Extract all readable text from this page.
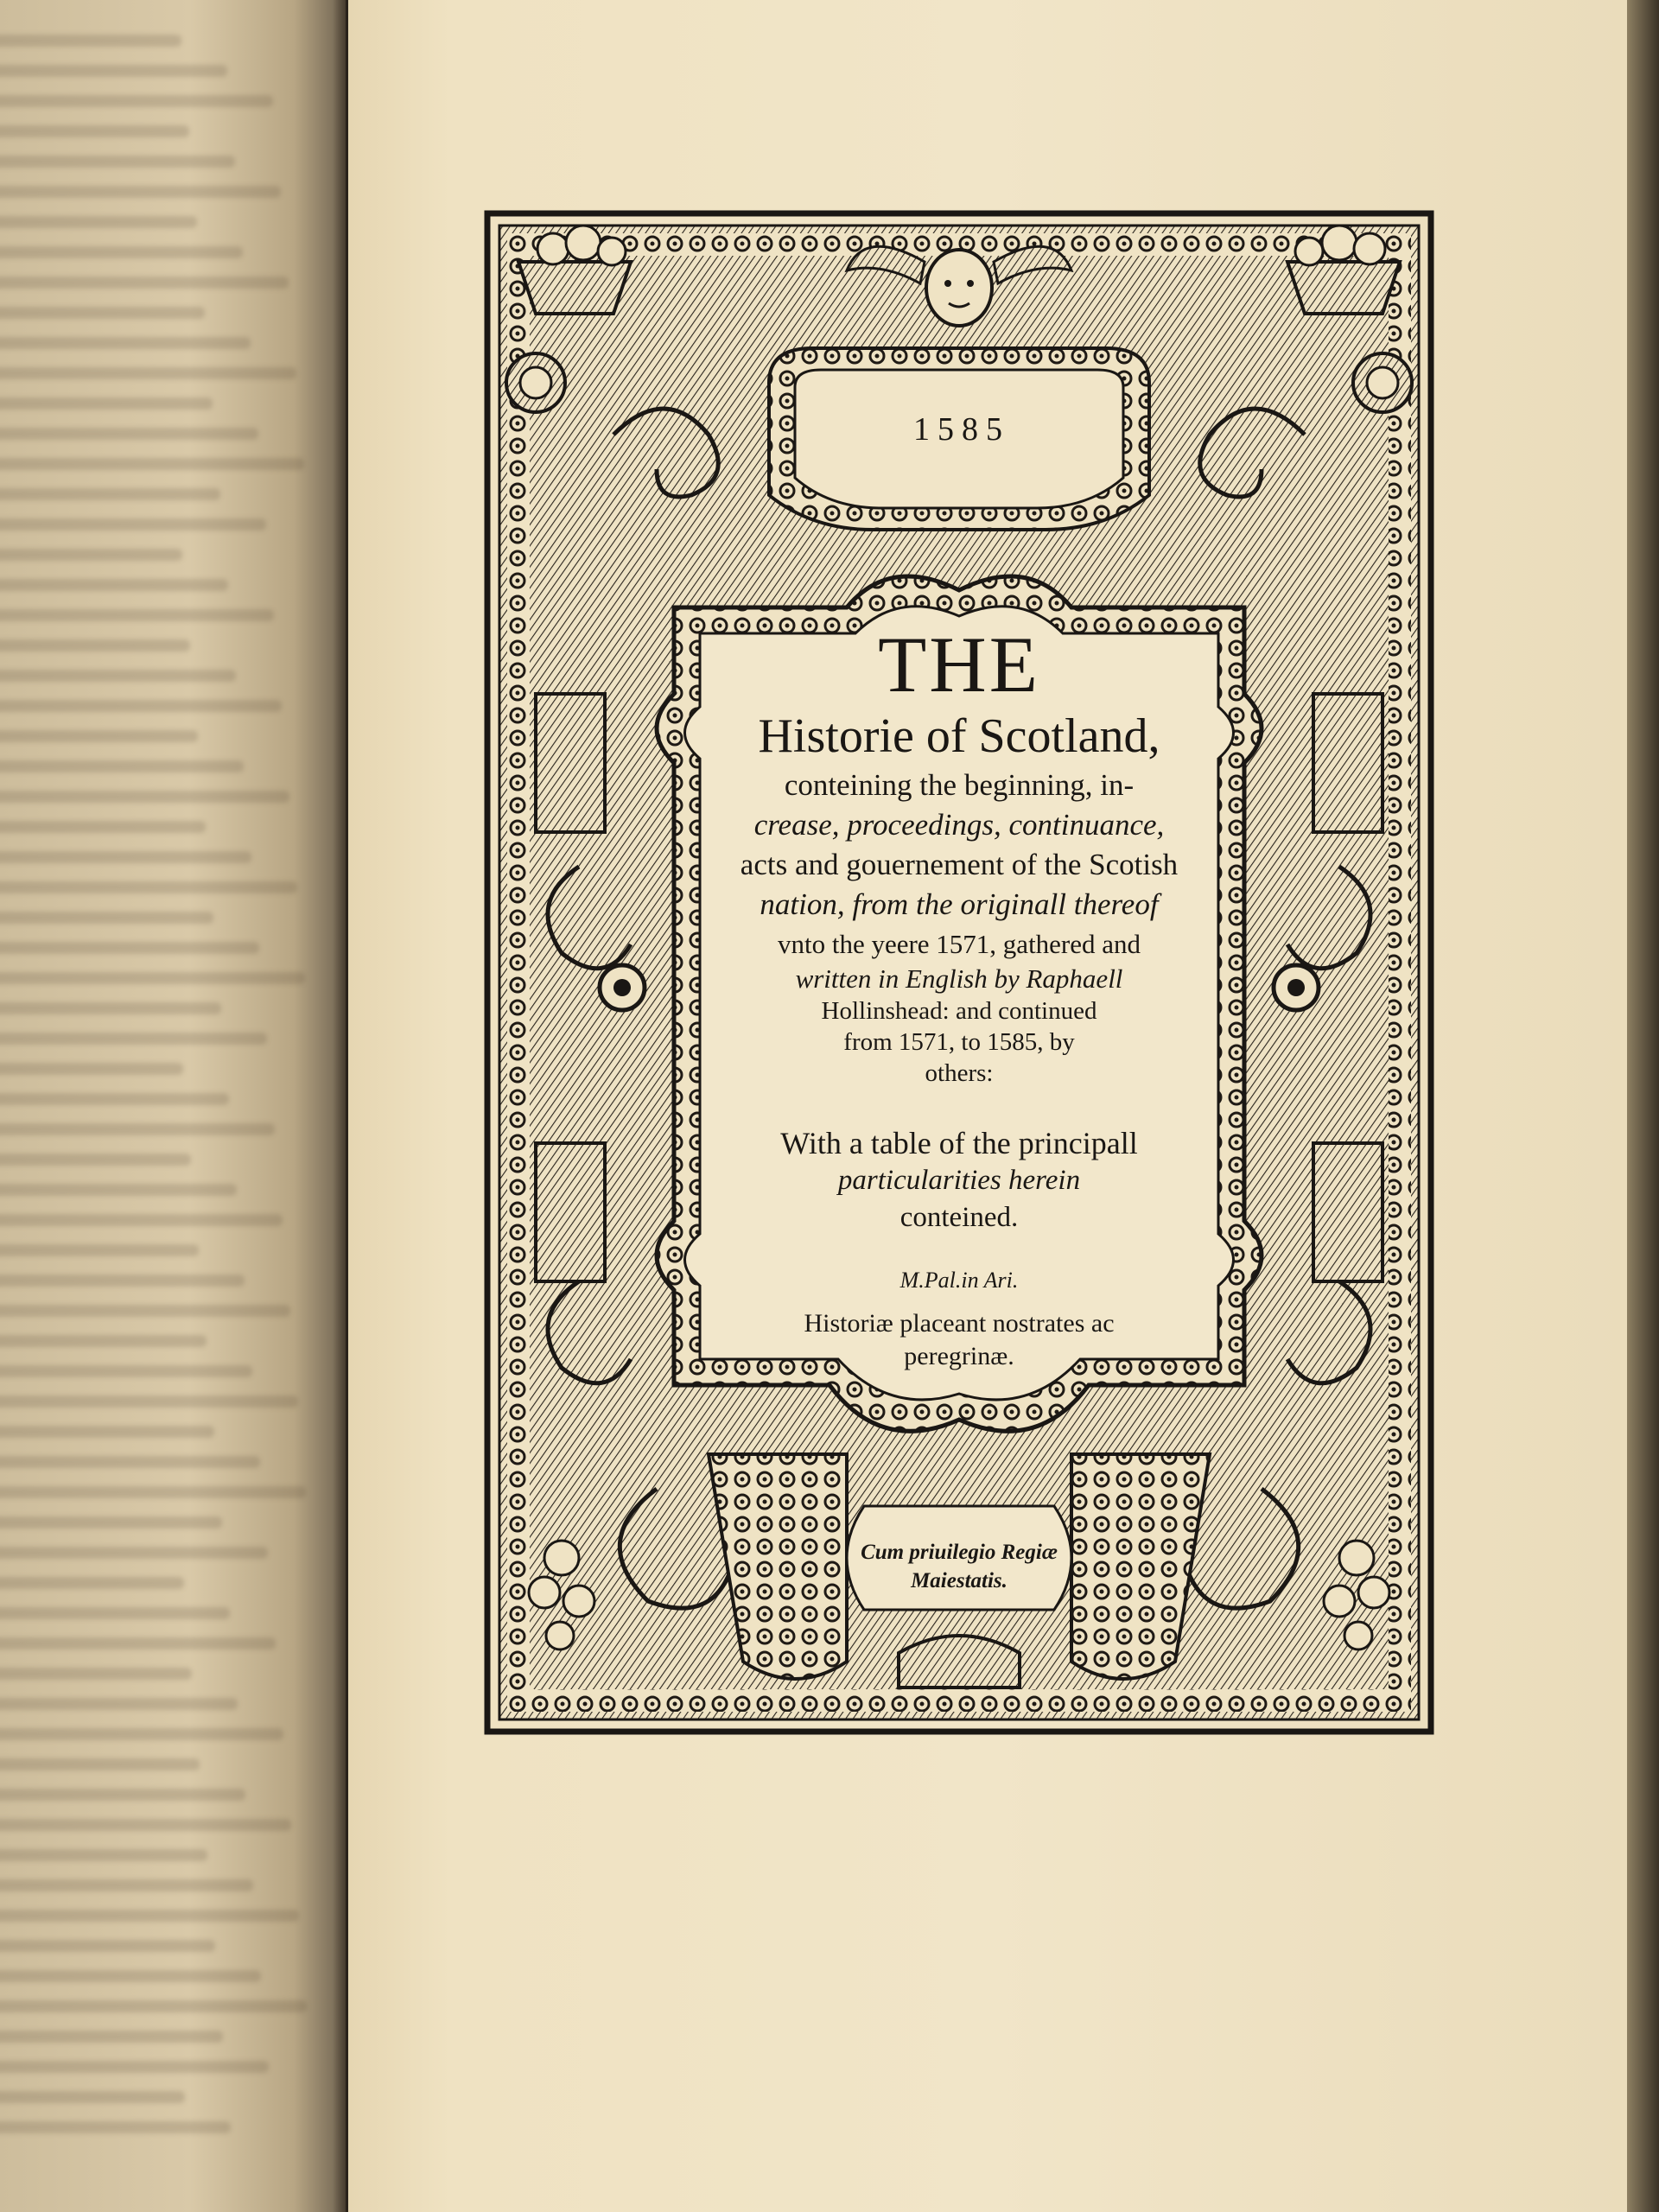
1585
THE
Historie of Scotland,
conteining the beginning, in-
crease, proceedings, continuance,
acts and gouernement of the Scotish
nation, from the originall thereof
vnto the yeere 1571, gathered and
written in English by Raphaell
Hollinshead: and continued
from 1571, to 1585, by
others:
With a table of the principall
particularities herein
conteined.
M.Pal.in Ari.
Historiæ placeant nostrates ac
peregrinæ.
Cum priuilegio Regiæ
Maiestatis.
